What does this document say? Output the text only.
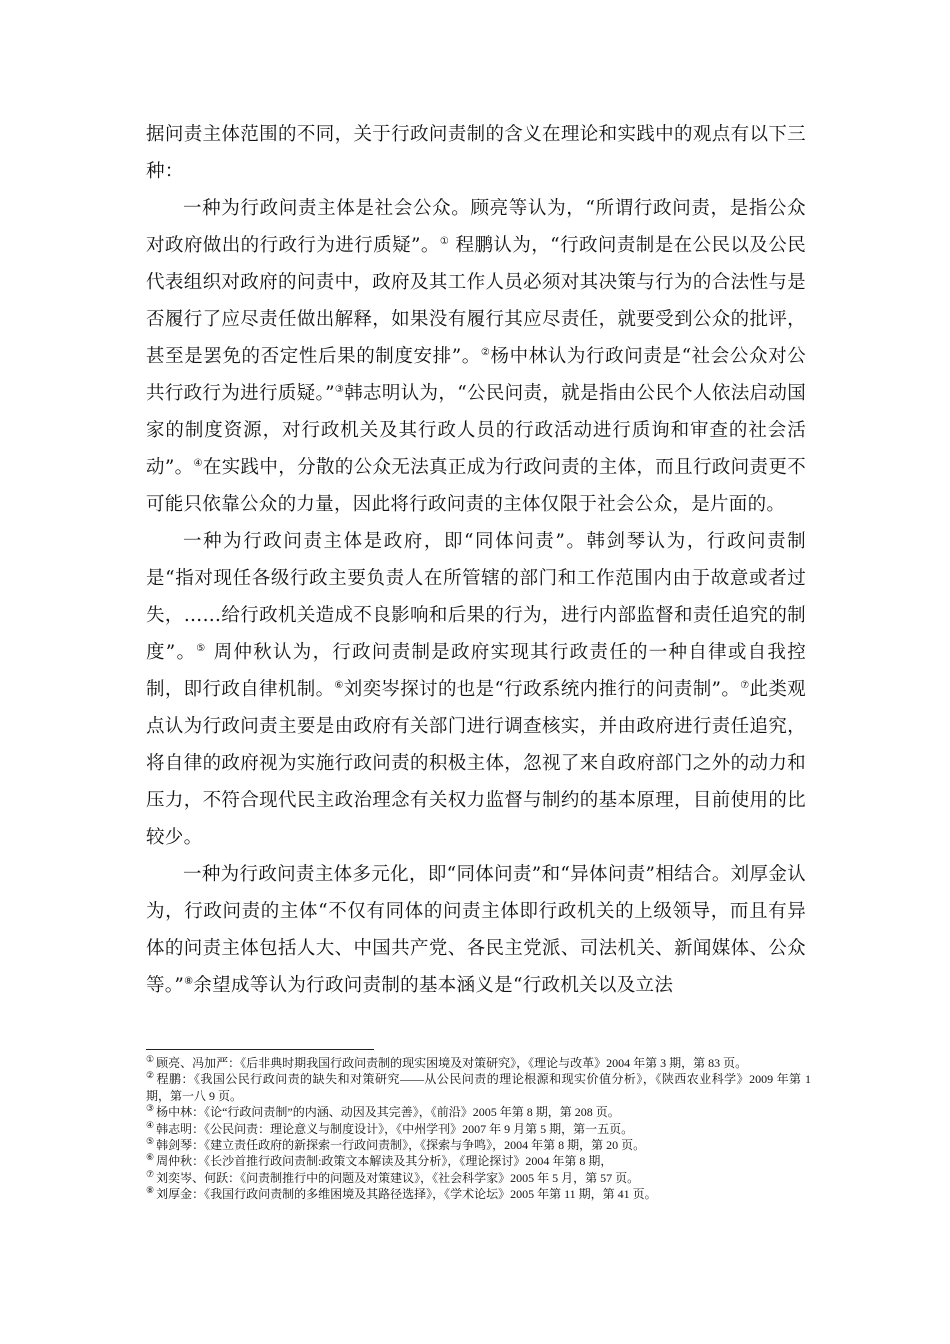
据问责主体范围的不同，关于行政问责制的含义在理论和实践中的观点有以下三种：

一种为行政问责主体是社会公众。顾亮等认为，“所谓行政问责，是指公众对政府做出的行政行为进行质疑”。① 程鹏认为，“行政问责制是在公民以及公民代表组织对政府的问责中，政府及其工作人员必须对其决策与行为的合法性与是否履行了应尽责任做出解释，如果没有履行其应尽责任，就要受到公众的批评，甚至是罢免的否定性后果的制度安排”。②杨中林认为行政问责是“社会公众对公共行政行为进行质疑。”③韩志明认为，“公民问责，就是指由公民个人依法启动国家的制度资源，对行政机关及其行政人员的行政活动进行质询和审查的社会活动”。④在实践中，分散的公众无法真正成为行政问责的主体，而且行政问责更不可能只依靠公众的力量，因此将行政问责的主体仅限于社会公众，是片面的。

一种为行政问责主体是政府，即“同体问责”。韩剑琴认为，行政问责制是“指对现任各级行政主要负责人在所管辖的部门和工作范围内由于故意或者过失，……给行政机关造成不良影响和后果的行为，进行内部监督和责任追究的制度”。⑤ 周仲秋认为，行政问责制是政府实现其行政责任的一种自律或自我控制，即行政自律机制。⑥刘奕岑探讨的也是“行政系统内推行的问责制”。⑦此类观点认为行政问责主要是由政府有关部门进行调查核实，并由政府进行责任追究，将自律的政府视为实施行政问责的积极主体，忽视了来自政府部门之外的动力和压力，不符合现代民主政治理念有关权力监督与制约的基本原理，目前使用的比较少。

一种为行政问责主体多元化，即“同体问责”和“异体问责”相结合。刘厚金认为，行政问责的主体“不仅有同体的问责主体即行政机关的上级领导，而且有异体的问责主体包括人大、中国共产党、各民主党派、司法机关、新闻媒体、公众等。”⑧余望成等认为行政问责制的基本涵义是“行政机关以及立法

① 顾亮、冯加严：《后非典时期我国行政问责制的现实困境及对策研究》，《理论与改革》2004 年第 3 期，第 83 页。

② 程鹏：《我国公民行政问责的缺失和对策研究——从公民问责的理论根源和现实价值分析》，《陕西农业科学》2009 年第 1 期，第一八 9 页。

③ 杨中林：《论“行政问责制”的内涵、动因及其完善》，《前沿》2005 年第 8 期，第 208 页。

④ 韩志明：《公民问责：理论意义与制度设计》，《中州学刊》2007 年 9 月第 5 期，第一五页。

⑤ 韩剑琴：《建立责任政府的新探索一行政问责制》，《探索与争鸣》，2004 年第 8 期，第 20 页。

⑥ 周仲秋：《长沙首推行政问责制:政策文本解读及其分析》，《理论探讨》2004 年第 8 期，

⑦ 刘奕岑、何跃：《问责制推行中的问题及对策建议》，《社会科学家》2005 年 5 月，第 57 页。

⑧ 刘厚金：《我国行政问责制的多维困境及其路径选择》，《学术论坛》2005 年第 11 期，第 41 页。
